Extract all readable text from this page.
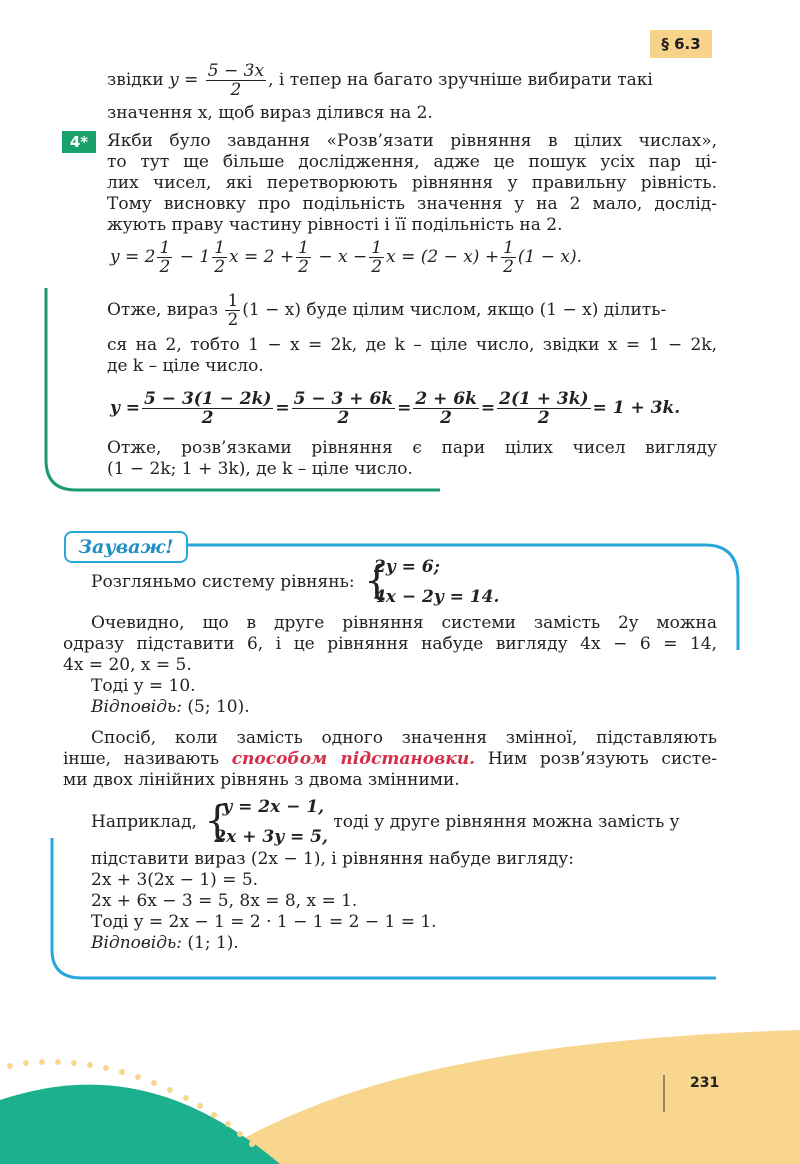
§ 6.3
звідки $y = \frac{5 - 3x}{2}$ , і тепер на багато зручніше вибирати такі
значення x, щоб вираз ділився на 2.
4*	Якби було завдання «Розв’язати рівняння в цілих числах»,
то тут ще більше дослідження, адже це пошук усіх пар ці-
лих чисел, які перетворюють рівняння у правильну рівність.
Тому висновку про подільність значення y на 2 мало, дослід-
жують праву частину рівності і її подільність на 2.
$y = 2 \frac{1}{2} - 1 \frac{1}{2}$ $x = 2 + \frac{1}{2} - x - \frac{1}{2}$ $x = (2 - x) + \frac{1}{2} (1 - x)$.
Отже, вираз $\frac{1}{2} (1 - x)$ буде цілим числом, якщо (1 − x) ділить-
ся на 2, тобто 1 − x = 2k, де k – ціле число, звідки x = 1 − 2k,
де k – ціле число.
$y = \frac{5 - 3(1 - 2k)}{2} = \frac{5 - 3 + 6k}{2} = \frac{2 + 6k}{2} = \frac{2(1 + 3k)}{2} = 1 + 3k$.
Отже, розв’язками рівняння є пари цілих чисел вигляду
(1 − 2k; 1 + 3k), де k – ціле число.
Зауваж!
Розгляньмо систему рівнянь: {
2y = 6;
4x − 2y = 14.
Очевидно, що в друге рівняння системи замість 2y можна
одразу підставити 6, і це рівняння набуде вигляду 4x − 6 = 14,
4x = 20, x = 5.
Тоді y = 10.
Відповідь: (5; 10).
Спосіб, коли замість одного значення змінної, підставляють
інше, називають способом підстановки. Ним розв’язують систе-
ми двох лінійних рівнянь з двома змінними.
Наприклад, {
y = 2x − 1,
2x + 3y = 5,
тоді у друге рівняння можна замість y
підставити вираз (2x − 1), і рівняння набуде вигляду:
2x + 3(2x − 1) = 5.
2x + 6x − 3 = 5, 8x = 8, x = 1.
Тоді y = 2x − 1 = 2 · 1 − 1 = 2 − 1 = 1.
Відповідь: (1; 1).
231
